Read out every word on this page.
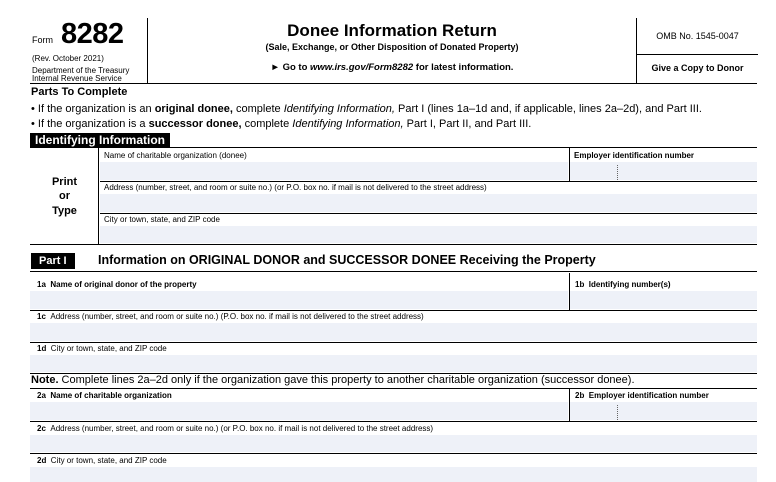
Form 8282
(Rev. October 2021)
Department of the Treasury
Internal Revenue Service
Donee Information Return
(Sale, Exchange, or Other Disposition of Donated Property)
► Go to www.irs.gov/Form8282 for latest information.
OMB No. 1545-0047
Give a Copy to Donor
Parts To Complete
• If the organization is an original donee, complete Identifying Information, Part I (lines 1a–1d and, if applicable, lines 2a–2d), and Part III.
• If the organization is a successor donee, complete Identifying Information, Part I, Part II, and Part III.
Identifying Information
Print
or
Type
Name of charitable organization (donee)	Employer identification number
Address (number, street, and room or suite no.) (or P.O. box no. if mail is not delivered to the street address)
City or town, state, and ZIP code
Part I	Information on ORIGINAL DONOR and SUCCESSOR DONEE Receiving the Property
1a Name of original donor of the property	1b Identifying number(s)
1c Address (number, street, and room or suite no.) (P.O. box no. if mail is not delivered to the street address)
1d City or town, state, and ZIP code
Note. Complete lines 2a–2d only if the organization gave this property to another charitable organization (successor donee).
2a Name of charitable organization	2b Employer identification number
2c Address (number, street, and room or suite no.) (or P.O. box no. if mail is not delivered to the street address)
2d City or town, state, and ZIP code
